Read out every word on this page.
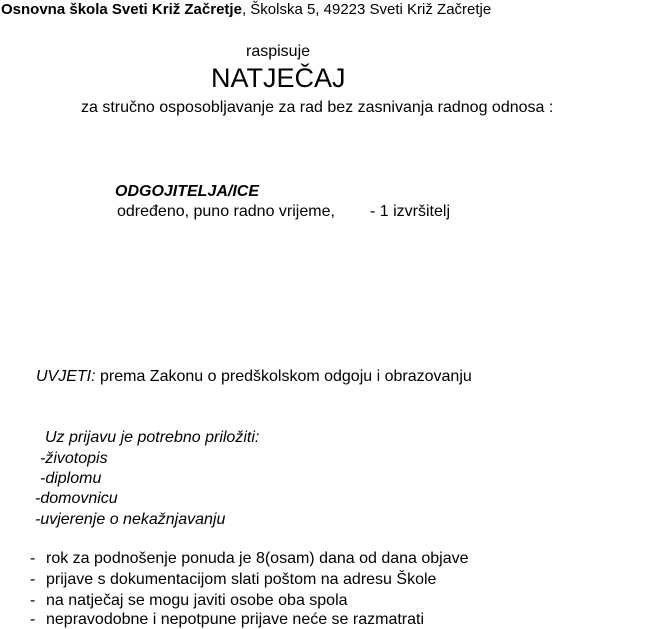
Osnovna škola Sveti Križ Začretje, Školska 5, 49223 Sveti Križ Začretje
raspisuje
NATJEČAJ
za stručno osposobljavanje za rad bez zasnivanja radnog odnosa :
ODGOJITELJA/ICE
određeno, puno radno vrijeme, - 1 izvršitelj
UVJETI: prema Zakonu o predškolskom odgoju i obrazovanju
Uz prijavu je potrebno priložiti:
-životopis
-diplomu
-domovnicu
-uvjerenje o nekažnjavanju
- rok za podnošenje ponuda je 8(osam) dana od dana objave
- prijave s dokumentacijom slati poštom na adresu Škole
- na natječaj se mogu javiti osobe oba spola
- nepravodobne i nepotpune prijave neće se razmatrati
